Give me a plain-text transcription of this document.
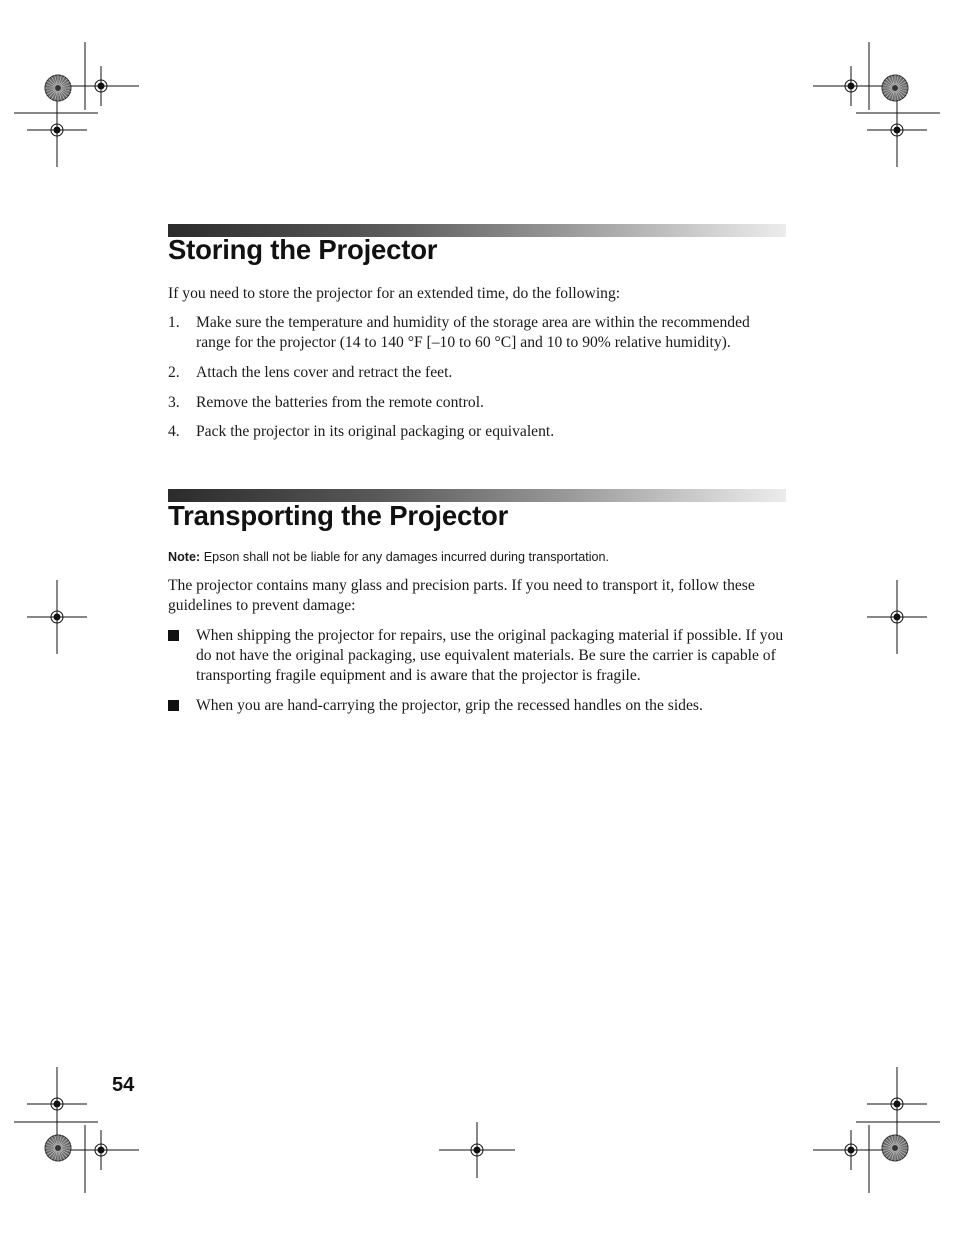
Storing the Projector

If you need to store the projector for an extended time, do the following:

1.	Make sure the temperature and humidity of the storage area are within the recommended range for the projector (14 to 140 °F [–10 to 60 °C] and 10 to 90% relative humidity).
2.	Attach the lens cover and retract the feet.
3.	Remove the batteries from the remote control.
4.	Pack the projector in its original packaging or equivalent.
Transporting the Projector

Note: Epson shall not be liable for any damages incurred during transportation.

The projector contains many glass and precision parts. If you need to transport it, follow these guidelines to prevent damage:

When shipping the projector for repairs, use the original packaging material if possible. If you do not have the original packaging, use equivalent materials. Be sure the carrier is capable of transporting fragile equipment and is aware that the projector is fragile.
When you are hand-carrying the projector, grip the recessed handles on the sides.
54
